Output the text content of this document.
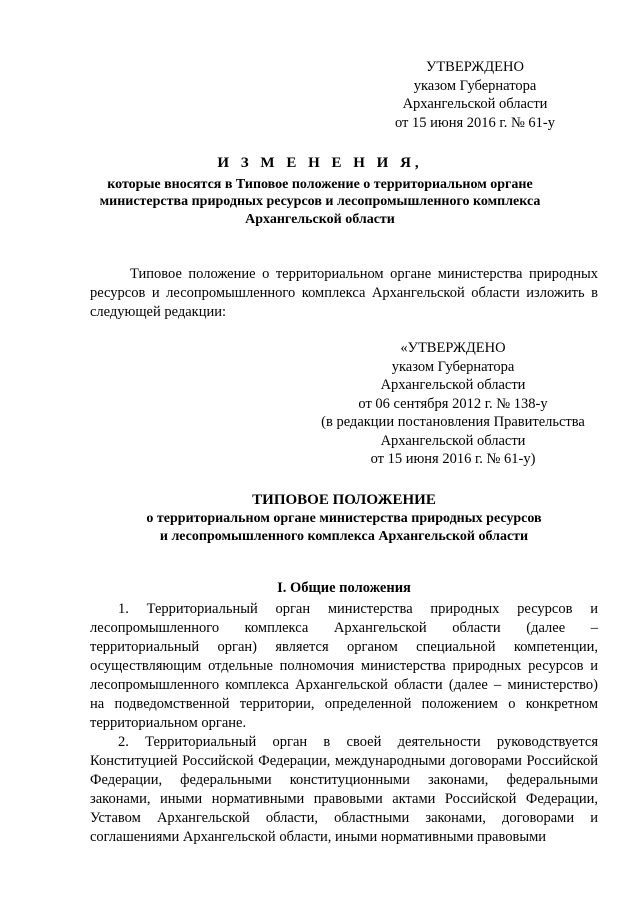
УТВЕРЖДЕНО
указом Губернатора
Архангельской области
от 15 июня 2016 г. № 61-у
И З М Е Н Е Н И Я,
которые вносятся в Типовое положение о территориальном органе
министерства природных ресурсов и лесопромышленного комплекса
Архангельской области
Типовое положение о территориальном органе министерства природных ресурсов и лесопромышленного комплекса Архангельской области изложить в следующей редакции:
«УТВЕРЖДЕНО
указом Губернатора
Архангельской области
от 06 сентября 2012 г. № 138-у
(в редакции постановления Правительства
Архангельской области
от 15 июня 2016 г. № 61-у)
ТИПОВОЕ ПОЛОЖЕНИЕ
о территориальном органе министерства природных ресурсов
и лесопромышленного комплекса Архангельской области
I. Общие положения

1. Территориальный орган министерства природных ресурсов и лесопромышленного комплекса Архангельской области (далее – территориальный орган) является органом специальной компетенции, осуществляющим отдельные полномочия министерства природных ресурсов и лесопромышленного комплекса Архангельской области (далее – министерство) на подведомственной территории, определенной положением о конкретном территориальном органе.

2. Территориальный орган в своей деятельности руководствуется Конституцией Российской Федерации, международными договорами Российской Федерации, федеральными конституционными законами, федеральными законами, иными нормативными правовыми актами Российской Федерации, Уставом Архангельской области, областными законами, договорами и соглашениями Архангельской области, иными нормативными правовыми
